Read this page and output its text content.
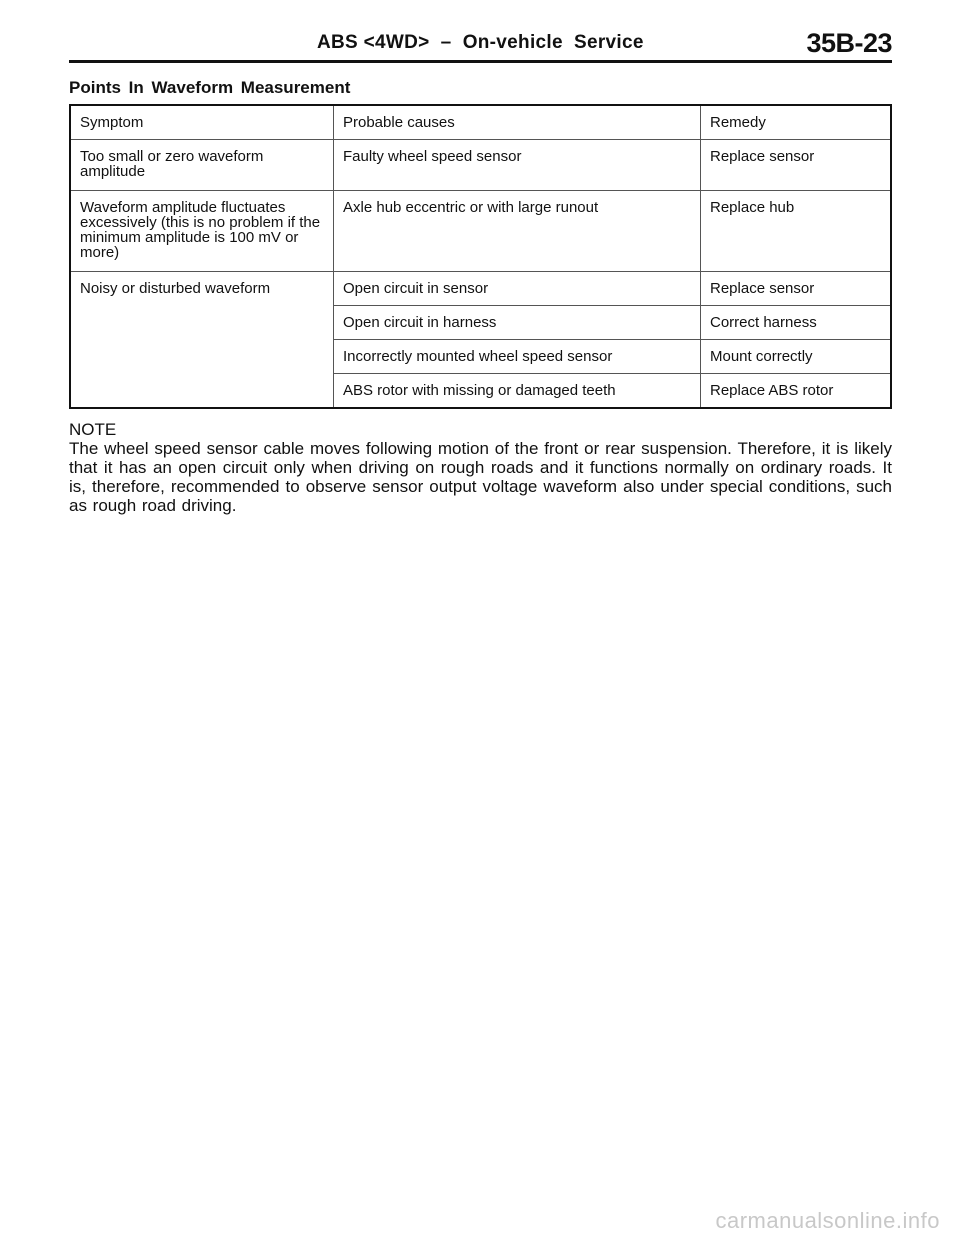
ABS <4WD>  –  On-vehicle  Service	35B-23
Points In Waveform Measurement
Symptom	Probable causes	Remedy
Too small or zero waveform amplitude	Faulty wheel speed sensor	Replace sensor
Waveform amplitude fluctuates excessively (this is no problem if the minimum amplitude is 100 mV or more)	Axle hub eccentric or with large runout	Replace hub
Noisy or disturbed waveform	Open circuit in sensor	Replace sensor
	Open circuit in harness	Correct harness
	Incorrectly mounted wheel speed sensor	Mount correctly
	ABS rotor with missing or damaged teeth	Replace ABS rotor
NOTE
The wheel speed sensor cable moves following motion of the front or rear suspension. Therefore, it is likely that it has an open circuit only when driving on rough roads and it functions normally on ordinary roads. It is, therefore, recommended to observe sensor output voltage waveform also under special conditions, such as rough road driving.
carmanualsonline.info
